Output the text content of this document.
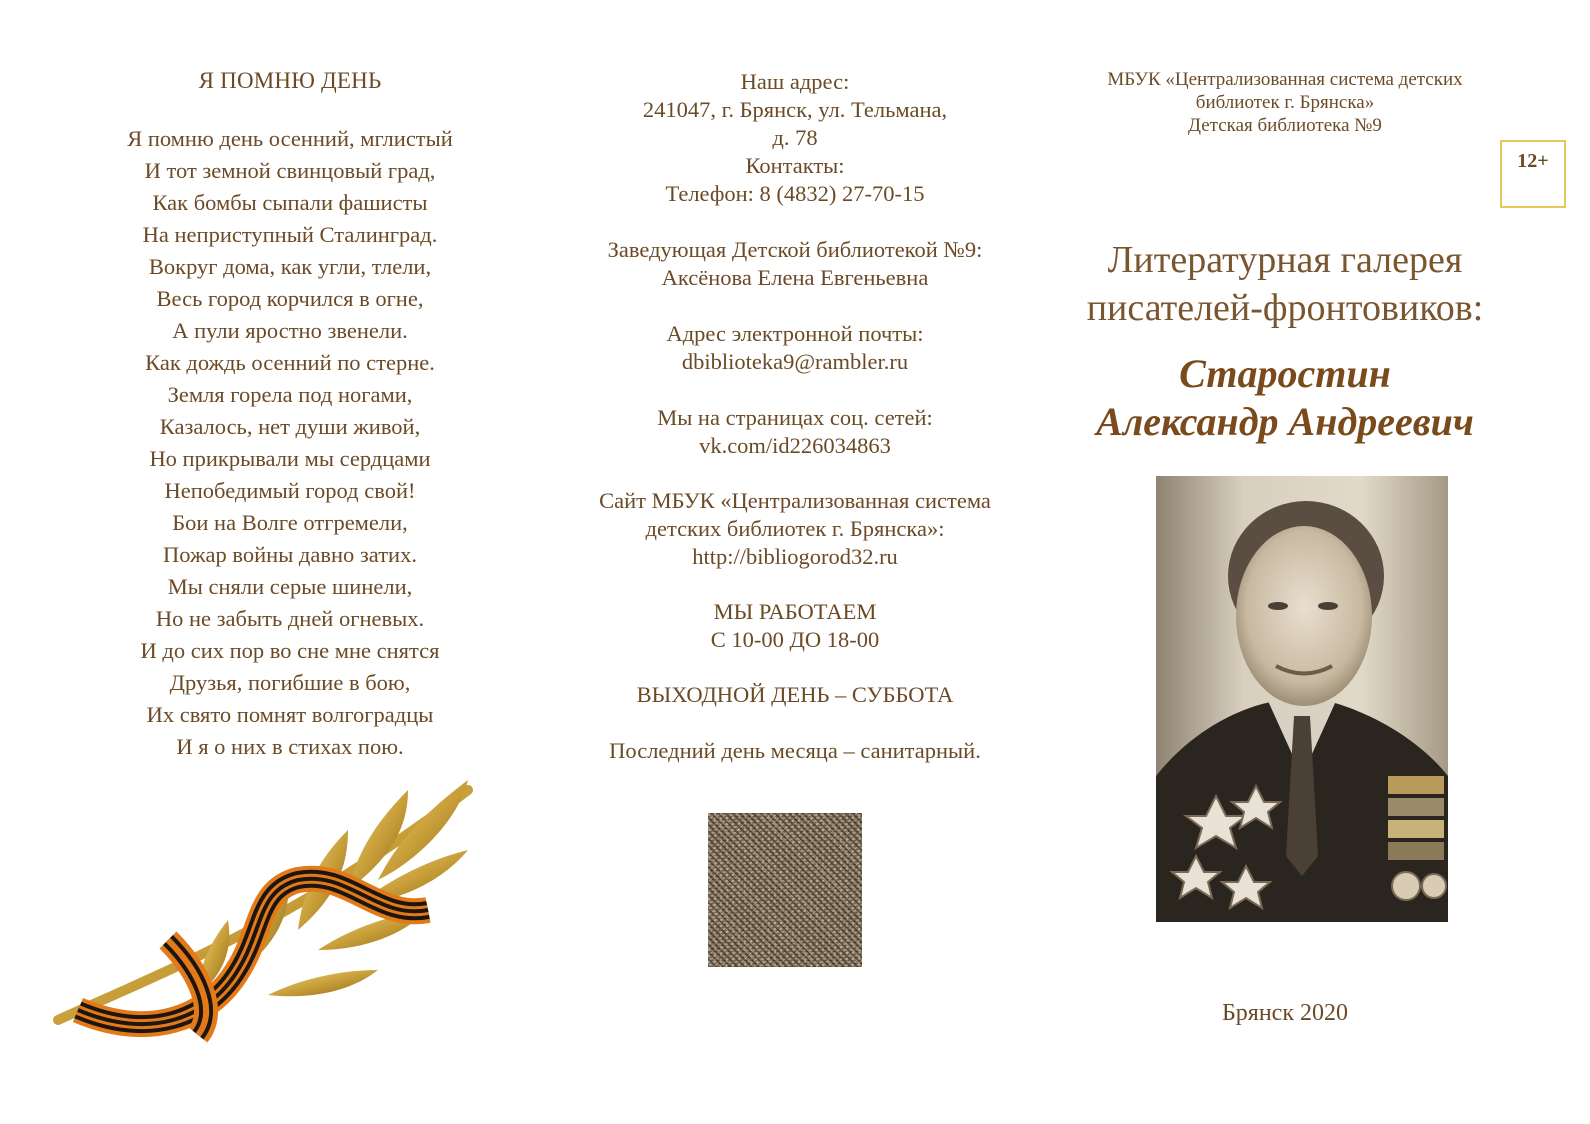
Я ПОМНЮ ДЕНЬ
Я помню день осенний, мглистый
И тот земной свинцовый град,
Как бомбы сыпали фашисты
На неприступный Сталинград.
Вокруг дома, как угли, тлели,
Весь город корчился в огне,
А пули яростно звенели.
Как дождь осенний по стерне.
Земля горела под ногами,
Казалось, нет души живой,
Но прикрывали мы сердцами
Непобедимый город свой!
Бои на Волге отгремели,
Пожар войны давно затих.
Мы сняли серые шинели,
Но не забыть дней огневых.
И до сих пор во сне мне снятся
Друзья, погибшие в бою,
Их свято помнят волгоградцы
И я о них в стихах пою.
Наш адрес:
241047, г. Брянск, ул. Тельмана,
д. 78
Контакты:
Телефон: 8 (4832) 27-70-15
Заведующая Детской библиотекой №9:
Аксёнова Елена Евгеньевна
Адрес электронной почты:
dbiblioteka9@rambler.ru
Мы на страницах соц. сетей:
vk.com/id226034863
Сайт МБУК «Централизованная система
детских библиотек г. Брянска»:
http://bibliogorod32.ru
МЫ РАБОТАЕМ
С 10-00 ДО 18-00
ВЫХОДНОЙ ДЕНЬ – СУББОТА
Последний день месяца – санитарный.
МБУК «Централизованная система детских
библиотек г. Брянска»
Детская библиотека №9
12+
Литературная галерея
писателей-фронтовиков:
Старостин
Александр Андреевич
Брянск 2020
